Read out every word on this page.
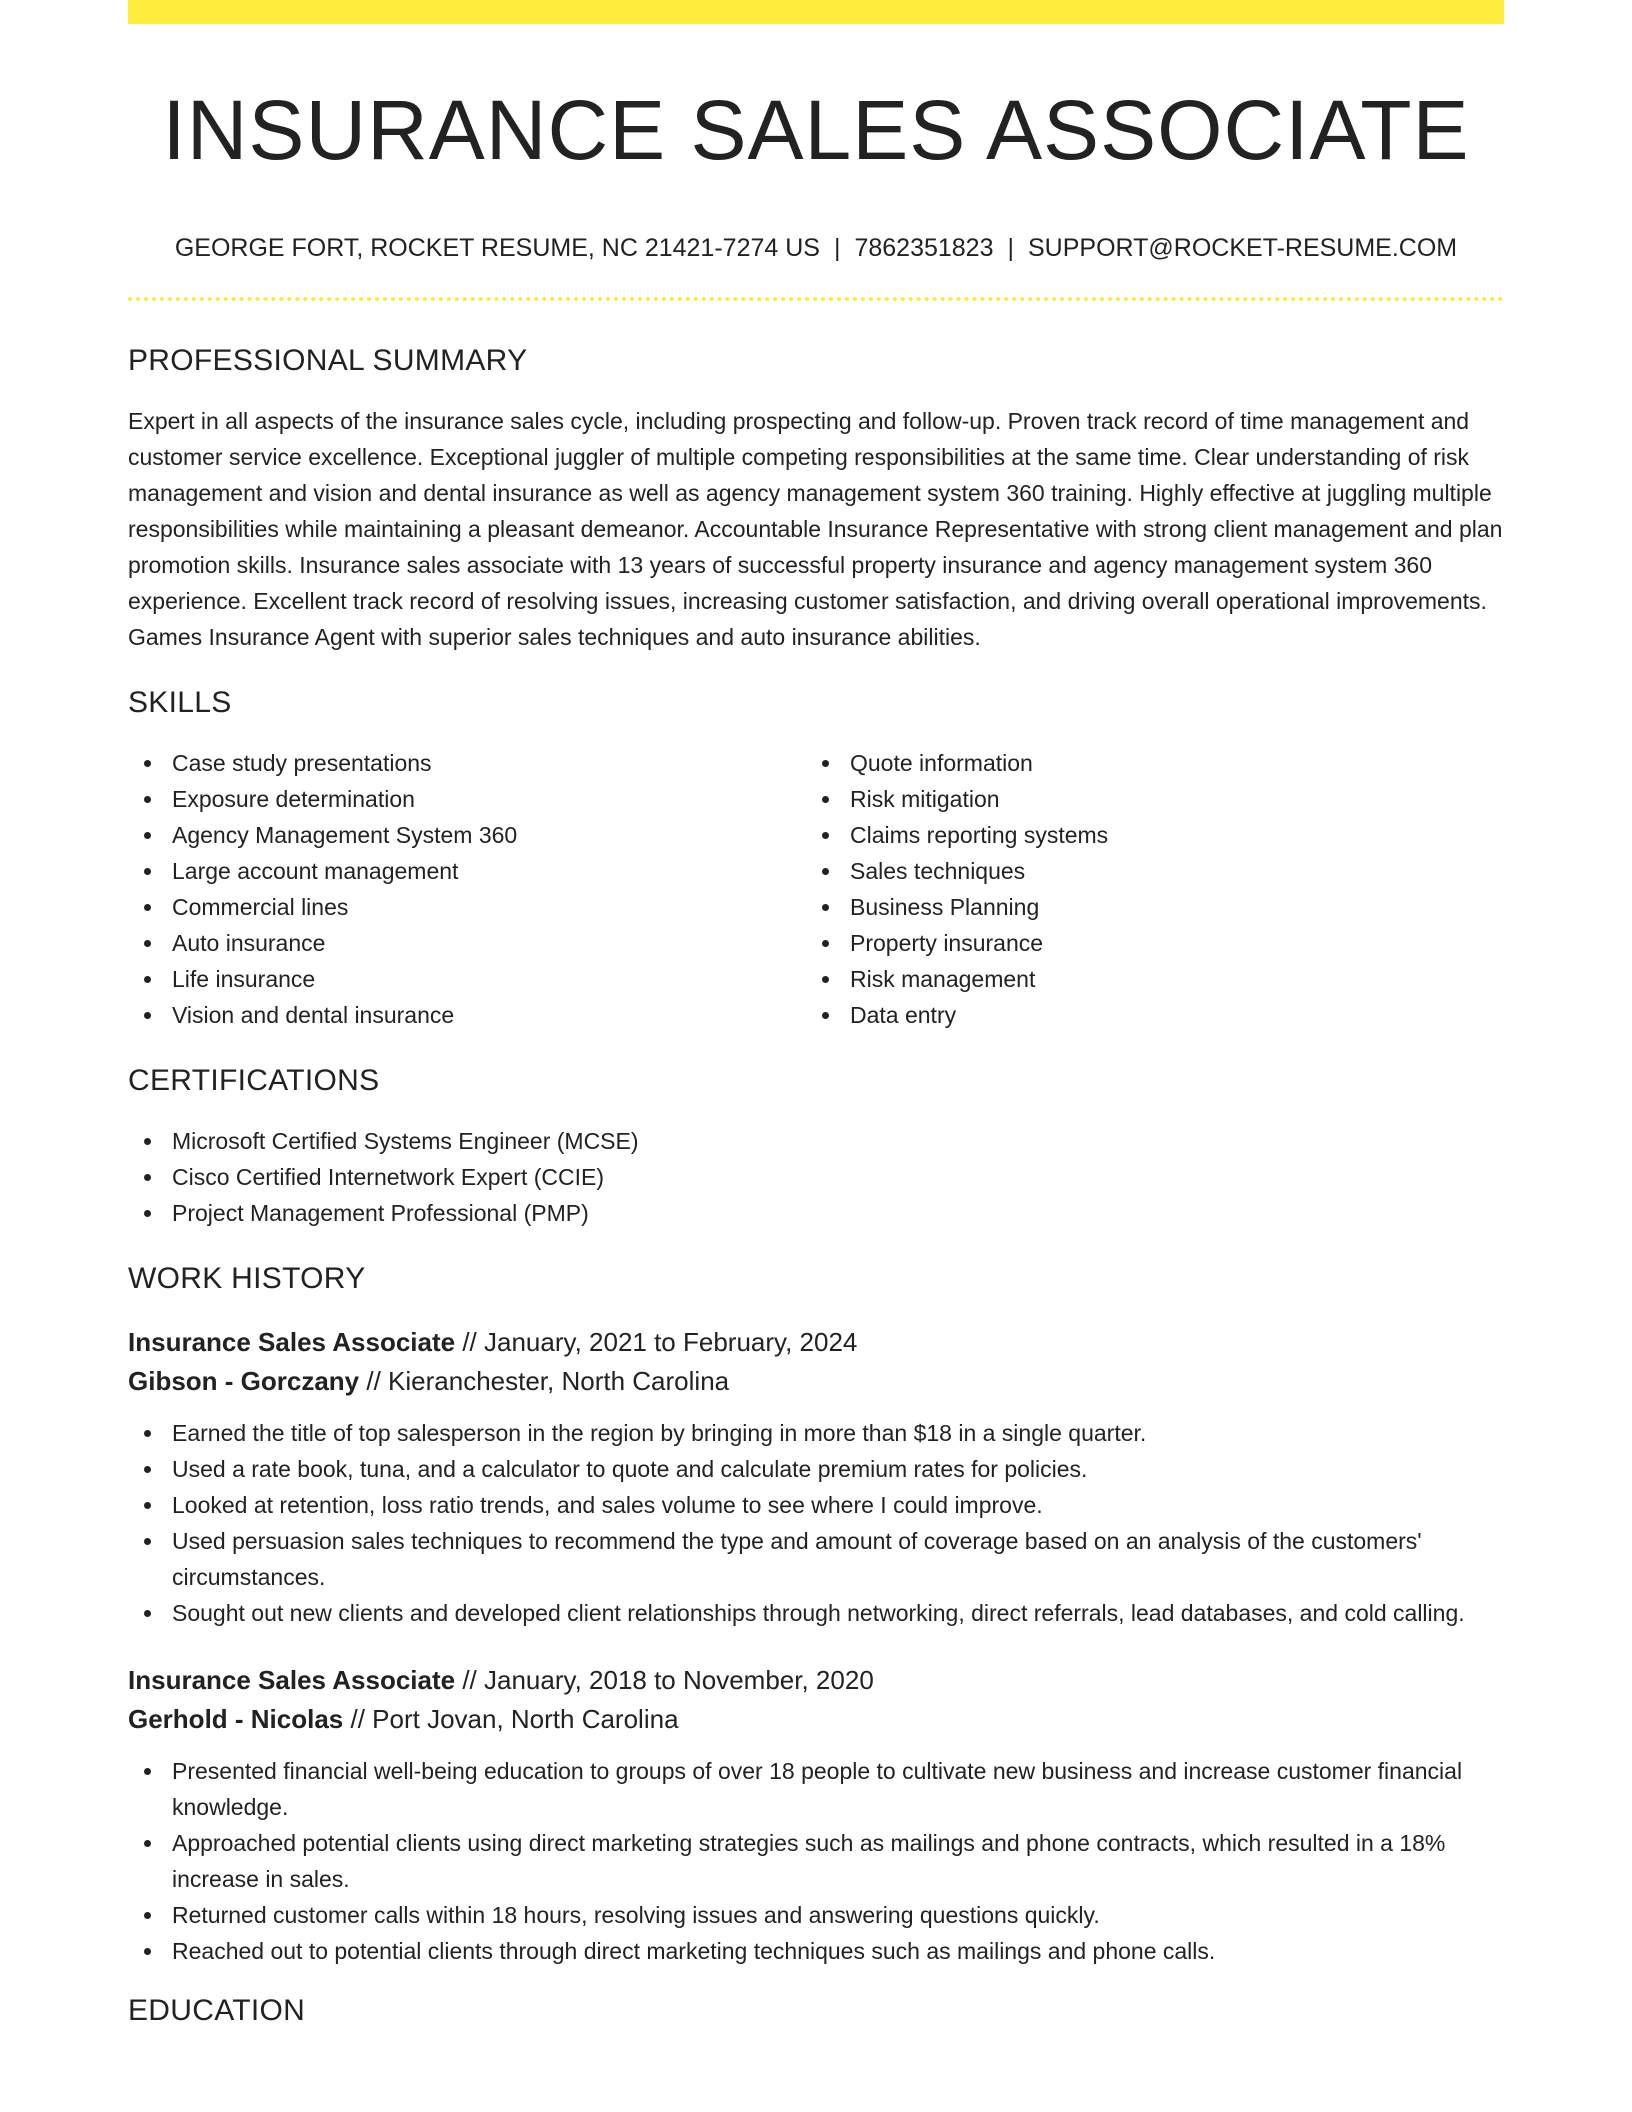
INSURANCE SALES ASSOCIATE
GEORGE FORT, ROCKET RESUME, NC 21421-7274 US | 7862351823 | SUPPORT@ROCKET-RESUME.COM
PROFESSIONAL SUMMARY

Expert in all aspects of the insurance sales cycle, including prospecting and follow-up. Proven track record of time management and customer service excellence. Exceptional juggler of multiple competing responsibilities at the same time. Clear understanding of risk management and vision and dental insurance as well as agency management system 360 training. Highly effective at juggling multiple responsibilities while maintaining a pleasant demeanor. Accountable Insurance Representative with strong client management and plan promotion skills. Insurance sales associate with 13 years of successful property insurance and agency management system 360 experience. Excellent track record of resolving issues, increasing customer satisfaction, and driving overall operational improvements. Games Insurance Agent with superior sales techniques and auto insurance abilities.

SKILLS
Case study presentations
Exposure determination
Agency Management System 360
Large account management
Commercial lines
Auto insurance
Life insurance
Vision and dental insurance
Quote information
Risk mitigation
Claims reporting systems
Sales techniques
Business Planning
Property insurance
Risk management
Data entry
CERTIFICATIONS
Microsoft Certified Systems Engineer (MCSE)
Cisco Certified Internetwork Expert (CCIE)
Project Management Professional (PMP)
WORK HISTORY
Insurance Sales Associate // January, 2021 to February, 2024
Gibson - Gorczany // Kieranchester, North Carolina
Earned the title of top salesperson in the region by bringing in more than $18 in a single quarter.
Used a rate book, tuna, and a calculator to quote and calculate premium rates for policies.
Looked at retention, loss ratio trends, and sales volume to see where I could improve.
Used persuasion sales techniques to recommend the type and amount of coverage based on an analysis of the customers' circumstances.
Sought out new clients and developed client relationships through networking, direct referrals, lead databases, and cold calling.
Insurance Sales Associate // January, 2018 to November, 2020
Gerhold - Nicolas // Port Jovan, North Carolina
Presented financial well-being education to groups of over 18 people to cultivate new business and increase customer financial knowledge.
Approached potential clients using direct marketing strategies such as mailings and phone contracts, which resulted in a 18% increase in sales.
Returned customer calls within 18 hours, resolving issues and answering questions quickly.
Reached out to potential clients through direct marketing techniques such as mailings and phone calls.
EDUCATION
